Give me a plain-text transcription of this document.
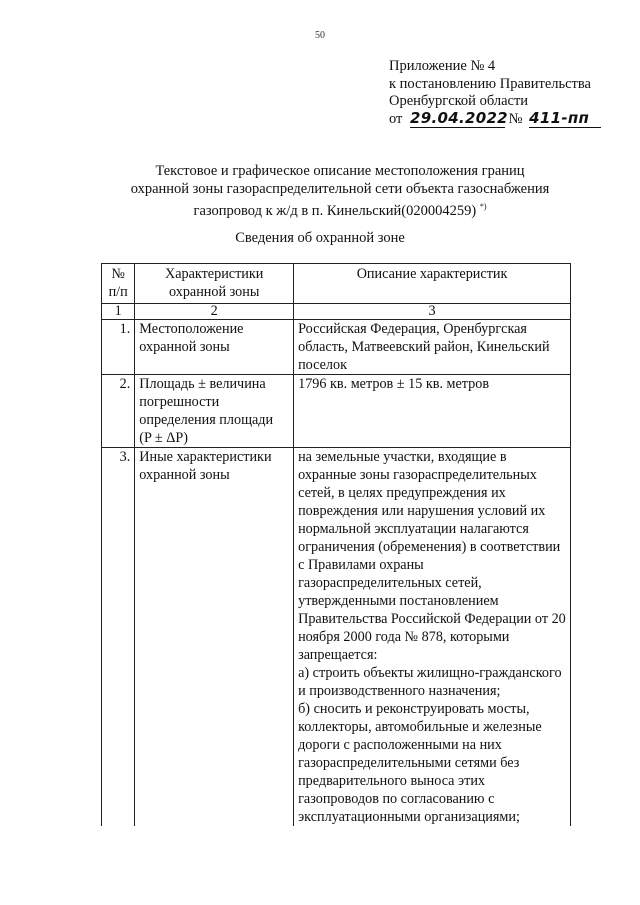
50
Приложение № 4
к постановлению Правительства
Оренбургской области
от 29.04.2022 № 411-пп
Текстовое и графическое описание местоположения границ
охранной зоны газораспределительной сети объекта газоснабжения
газопровод к ж/д в п. Кинельский(020004259) *)
Сведения об охранной зоне
№ п/п	Характеристики охранной зоны	Описание характеристик
1	2	3
1.	Местоположение охранной зоны	Российская Федерация, Оренбургская область, Матвеевский район, Кинельский поселок
2.	Площадь ± величина погрешности определения площади (P ± ΔP)	1796 кв. метров ± 15 кв. метров
3.	Иные характеристики охранной зоны	на земельные участки, входящие в охранные зоны газораспределительных сетей, в целях предупреждения их повреждения или нарушения условий их нормальной эксплуатации налагаются ограничения (обременения) в соответствии с Правилами охраны газораспределительных сетей, утвержденными постановлением Правительства Российской Федерации от 20 ноября 2000 года № 878, которыми запрещается:
а) строить объекты жилищно-гражданского и производственного назначения;
б) сносить и реконструировать мосты, коллекторы, автомобильные и железные дороги с расположенными на них газораспределительными сетями без предварительного выноса этих газопроводов по согласованию с эксплуатационными организациями;
